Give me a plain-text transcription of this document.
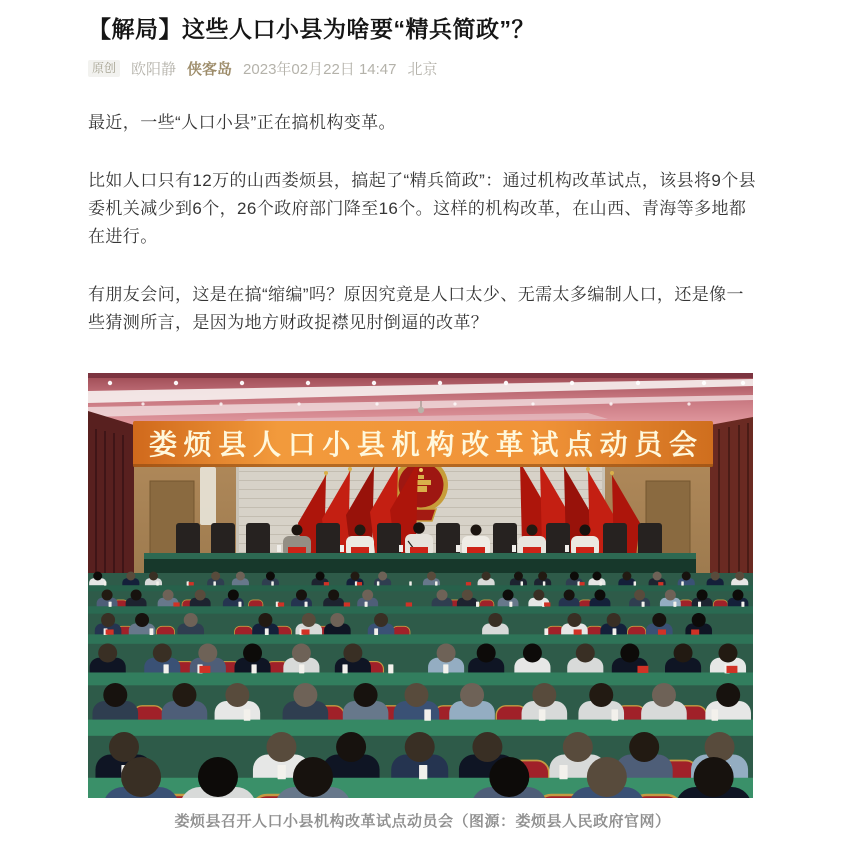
【解局】这些人口小县为啥要“精兵简政”？
原创 欧阳静 侠客岛 2023年02月22日 14:47 北京

最近，一些“人口小县”正在搞机构变革。

比如人口只有12万的山西娄烦县，搞起了“精兵简政”：通过机构改革试点，该县将9个县委机关减少到6个，26个政府部门降至16个。这样的机构改革，在山西、青海等多地都在进行。

有朋友会问，这是在搞“缩编”吗？原因究竟是人口太少、无需太多编制人口，还是像一些猜测所言，是因为地方财政捉襟见肘倒逼的改革？

娄烦县人口小县机构改革试点动员会
娄烦县召开人口小县机构改革试点动员会（图源：娄烦县人民政府官网）
